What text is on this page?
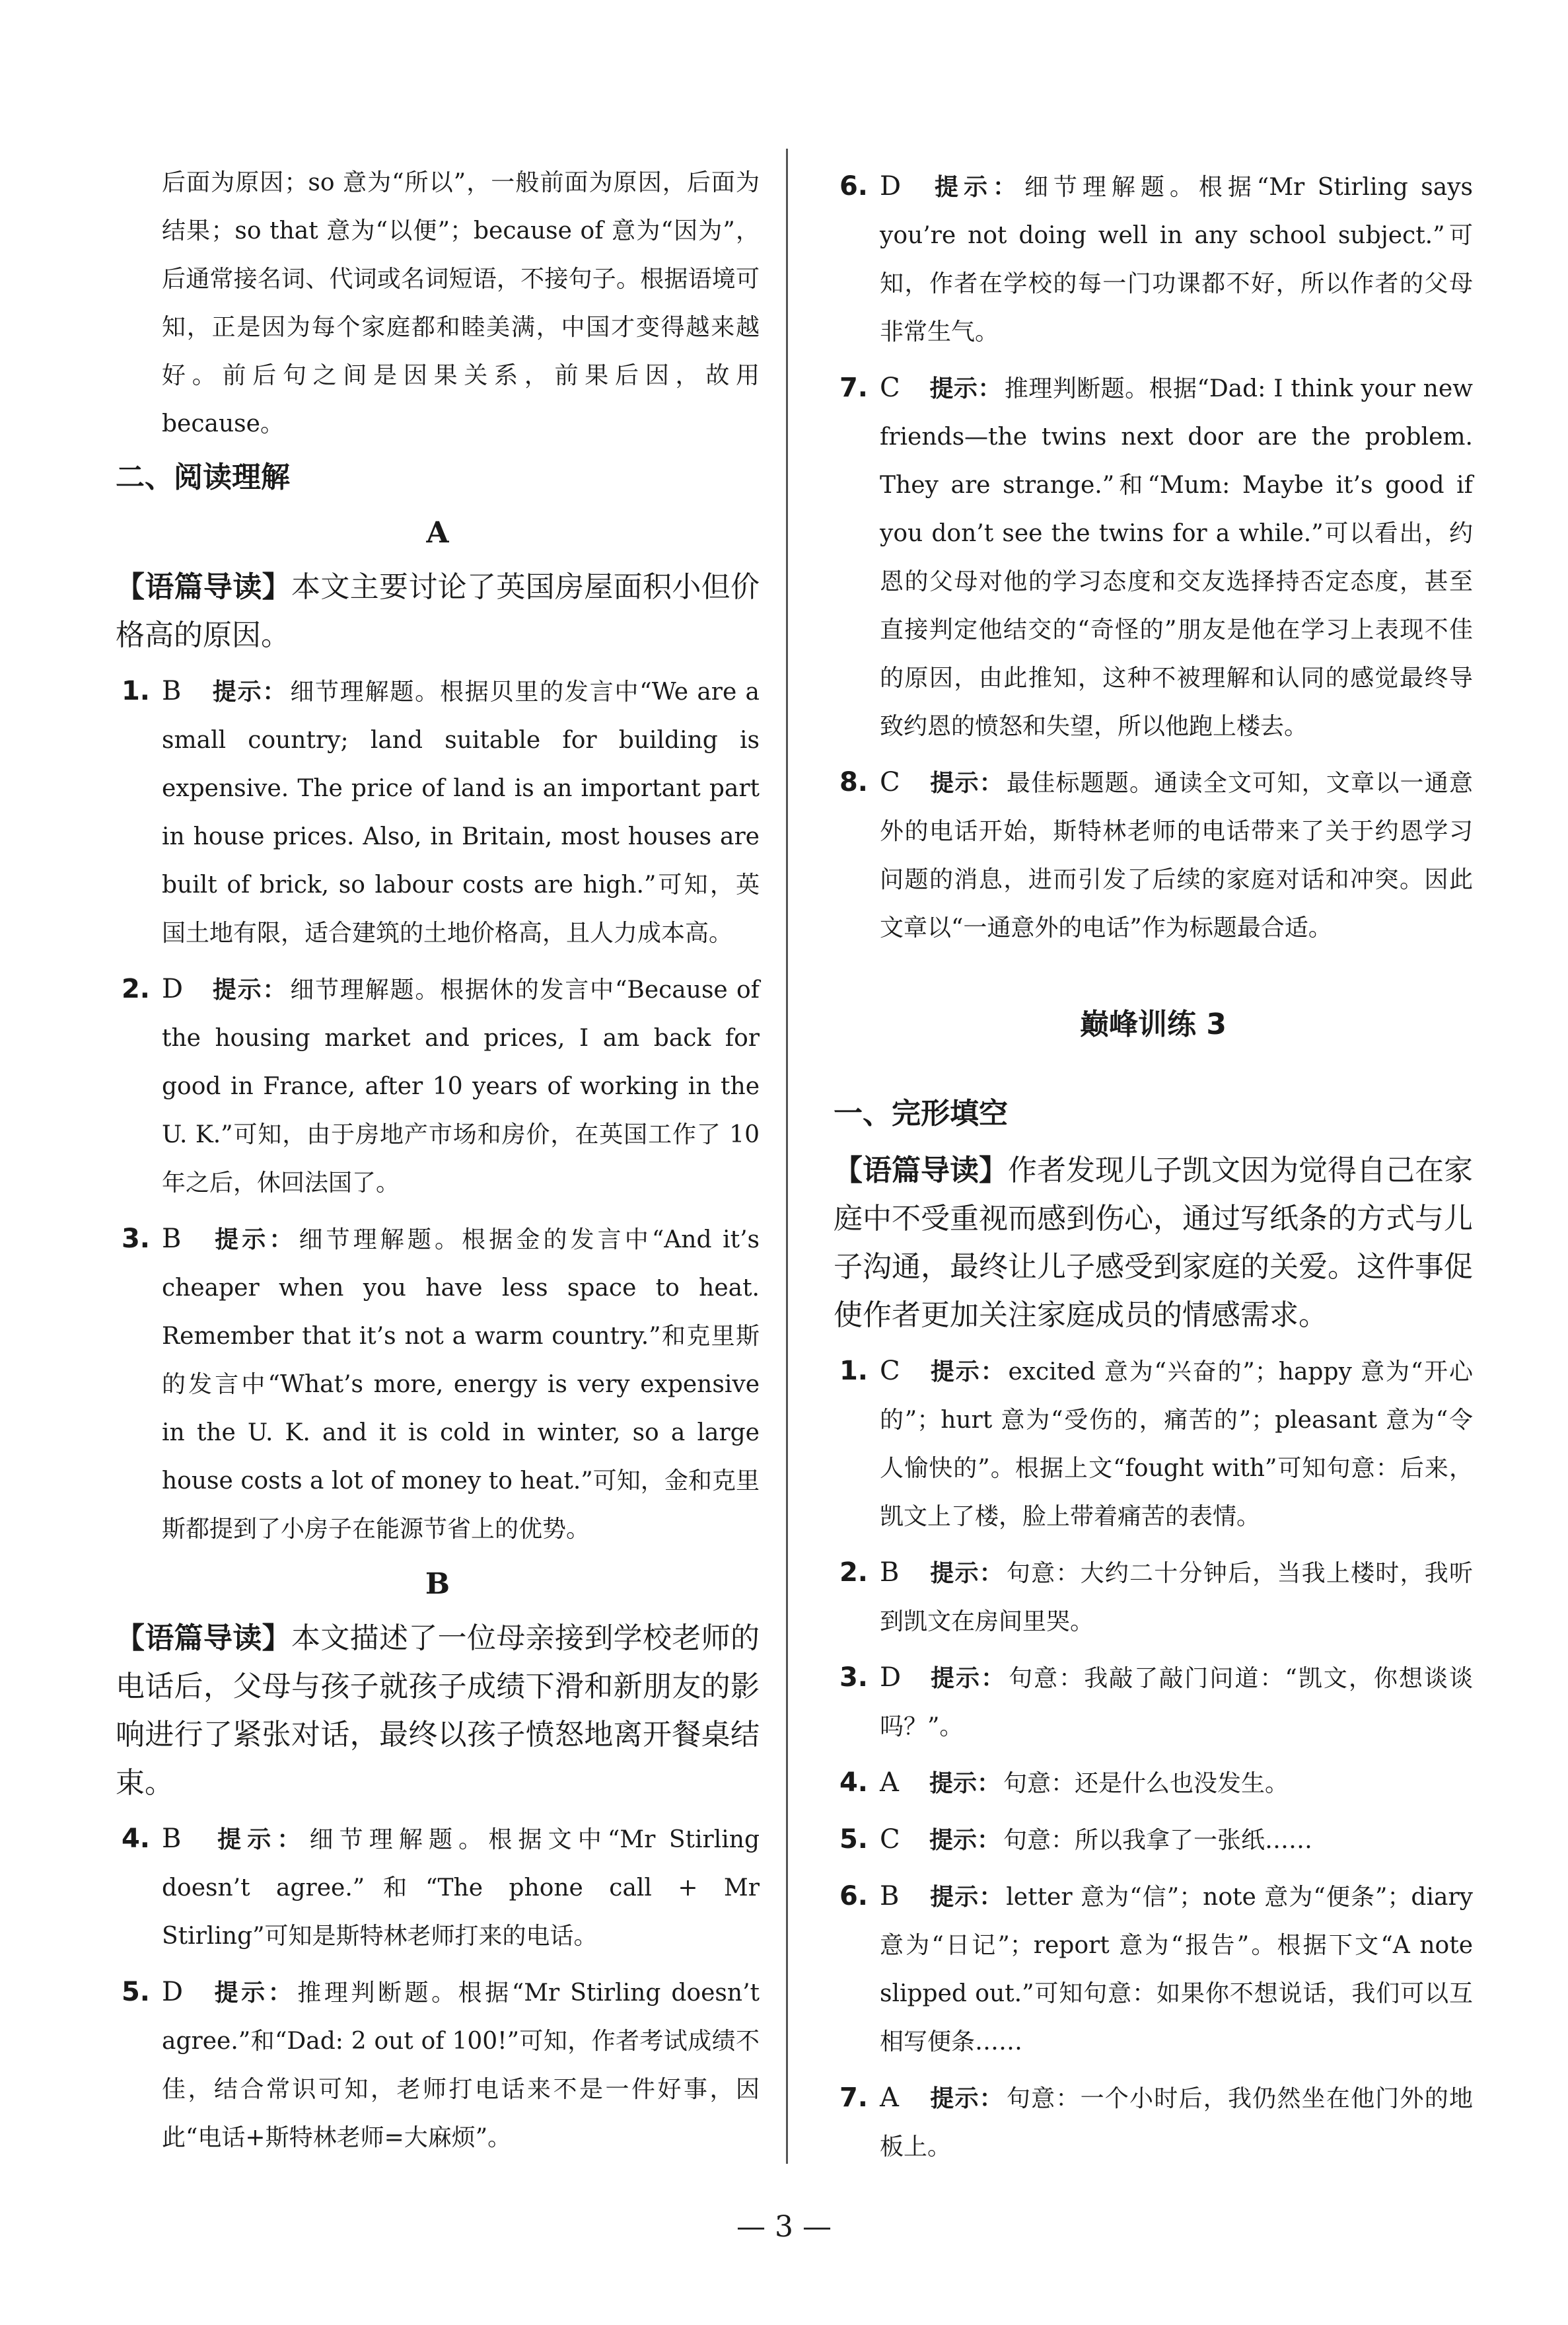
后面为原因；so 意为“所以”，一般前面为原因，后面为结果；so that 意为“以便”；because of 意为“因为”，后通常接名词、代词或名词短语，不接句子。根据语境可知，正是因为每个家庭都和睦美满，中国才变得越来越好。前后句之间是因果关系，前果后因，故用 because。

二、阅读理解
A

【语篇导读】本文主要讨论了英国房屋面积小但价格高的原因。

1. B 提示： 细节理解题。根据贝里的发言中“We are a small country; land suitable for building is expensive. The price of land is an important part in house prices. Also, in Britain, most houses are built of brick, so labour costs are high.”可知，英国土地有限，适合建筑的土地价格高，且人力成本高。
2. D 提示： 细节理解题。根据休的发言中“Because of the housing market and prices, I am back for good in France, after 10 years of working in the U. K.”可知，由于房地产市场和房价，在英国工作了 10 年之后，休回法国了。
3. B 提示： 细节理解题。根据金的发言中“And it’s cheaper when you have less space to heat. Remember that it’s not a warm country.”和克里斯的发言中“What’s more, energy is very expensive in the U. K. and it is cold in winter, so a large house costs a lot of money to heat.”可知，金和克里斯都提到了小房子在能源节省上的优势。
B

【语篇导读】本文描述了一位母亲接到学校老师的电话后，父母与孩子就孩子成绩下滑和新朋友的影响进行了紧张对话，最终以孩子愤怒地离开餐桌结束。

4. B 提示： 细节理解题。根据文中“Mr Stirling doesn’t agree.”和“The phone call + Mr Stirling”可知是斯特林老师打来的电话。
5. D 提示： 推理判断题。根据“Mr Stirling doesn’t agree.”和“Dad: 2 out of 100!”可知，作者考试成绩不佳，结合常识可知，老师打电话来不是一件好事，因此“电话+斯特林老师=大麻烦”。
6. D 提示： 细节理解题。根据“Mr Stirling says you’re not doing well in any school subject.”可知，作者在学校的每一门功课都不好，所以作者的父母非常生气。
7. C 提示： 推理判断题。根据“Dad: I think your new friends—the twins next door are the problem. They are strange.”和“Mum: Maybe it’s good if you don’t see the twins for a while.”可以看出，约恩的父母对他的学习态度和交友选择持否定态度，甚至直接判定他结交的“奇怪的”朋友是他在学习上表现不佳的原因，由此推知，这种不被理解和认同的感觉最终导致约恩的愤怒和失望，所以他跑上楼去。
8. C 提示： 最佳标题题。通读全文可知，文章以一通意外的电话开始，斯特林老师的电话带来了关于约恩学习问题的消息，进而引发了后续的家庭对话和冲突。因此文章以“一通意外的电话”作为标题最合适。
巅峰训练 3
一、完形填空

【语篇导读】作者发现儿子凯文因为觉得自己在家庭中不受重视而感到伤心，通过写纸条的方式与儿子沟通，最终让儿子感受到家庭的关爱。这件事促使作者更加关注家庭成员的情感需求。

1. C 提示： excited 意为“兴奋的”；happy 意为“开心的”；hurt 意为“受伤的，痛苦的”；pleasant 意为“令人愉快的”。根据上文“fought with”可知句意：后来，凯文上了楼，脸上带着痛苦的表情。
2. B 提示： 句意：大约二十分钟后，当我上楼时，我听到凯文在房间里哭。
3. D 提示： 句意：我敲了敲门问道：“凯文，你想谈谈吗？”。
4. A 提示： 句意：还是什么也没发生。
5. C 提示： 句意：所以我拿了一张纸……
6. B 提示： letter 意为“信”；note 意为“便条”；diary 意为“日记”；report 意为“报告”。根据下文“A note slipped out.”可知句意：如果你不想说话，我们可以互相写便条……
7. A 提示： 句意：一个小时后，我仍然坐在他门外的地板上。
— 3 —
